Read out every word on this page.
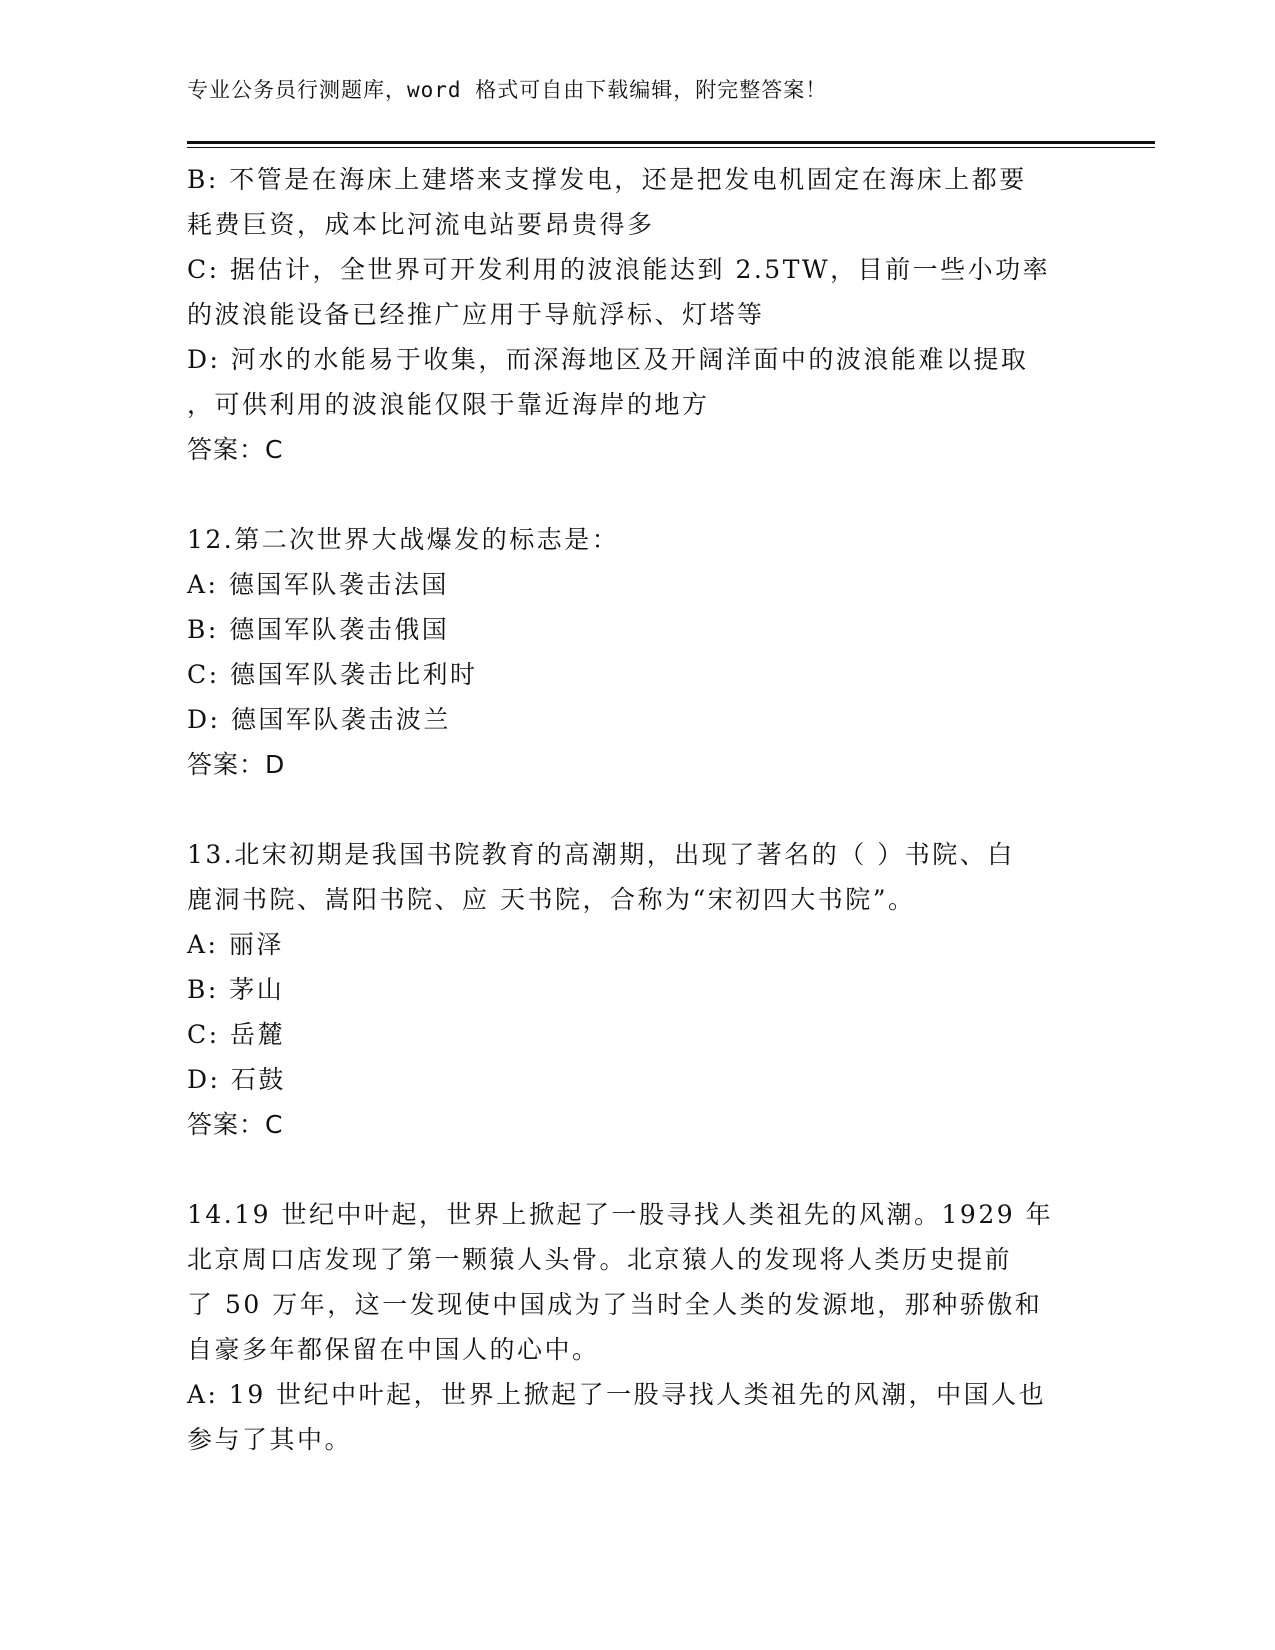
专业公务员行测题库，word 格式可自由下载编辑，附完整答案！
B: 不管是在海床上建塔来支撑发电，还是把发电机固定在海床上都要
耗费巨资，成本比河流电站要昂贵得多
C: 据估计，全世界可开发利用的波浪能达到 2.5TW，目前一些小功率
的波浪能设备已经推广应用于导航浮标、灯塔等
D: 河水的水能易于收集，而深海地区及开阔洋面中的波浪能难以提取
，可供利用的波浪能仅限于靠近海岸的地方
答案：C
12.第二次世界大战爆发的标志是：
A: 德国军队袭击法国
B: 德国军队袭击俄国
C: 德国军队袭击比利时
D: 德国军队袭击波兰
答案：D
13.北宋初期是我国书院教育的高潮期，出现了著名的（ ）书院、白
鹿洞书院、嵩阳书院、应 天书院，合称为“宋初四大书院”。
A: 丽泽
B: 茅山
C: 岳麓
D: 石鼓
答案：C
14.19 世纪中叶起，世界上掀起了一股寻找人类祖先的风潮。1929 年
北京周口店发现了第一颗猿人头骨。北京猿人的发现将人类历史提前
了 50 万年，这一发现使中国成为了当时全人类的发源地，那种骄傲和
自豪多年都保留在中国人的心中。
A: 19 世纪中叶起，世界上掀起了一股寻找人类祖先的风潮，中国人也
参与了其中。
